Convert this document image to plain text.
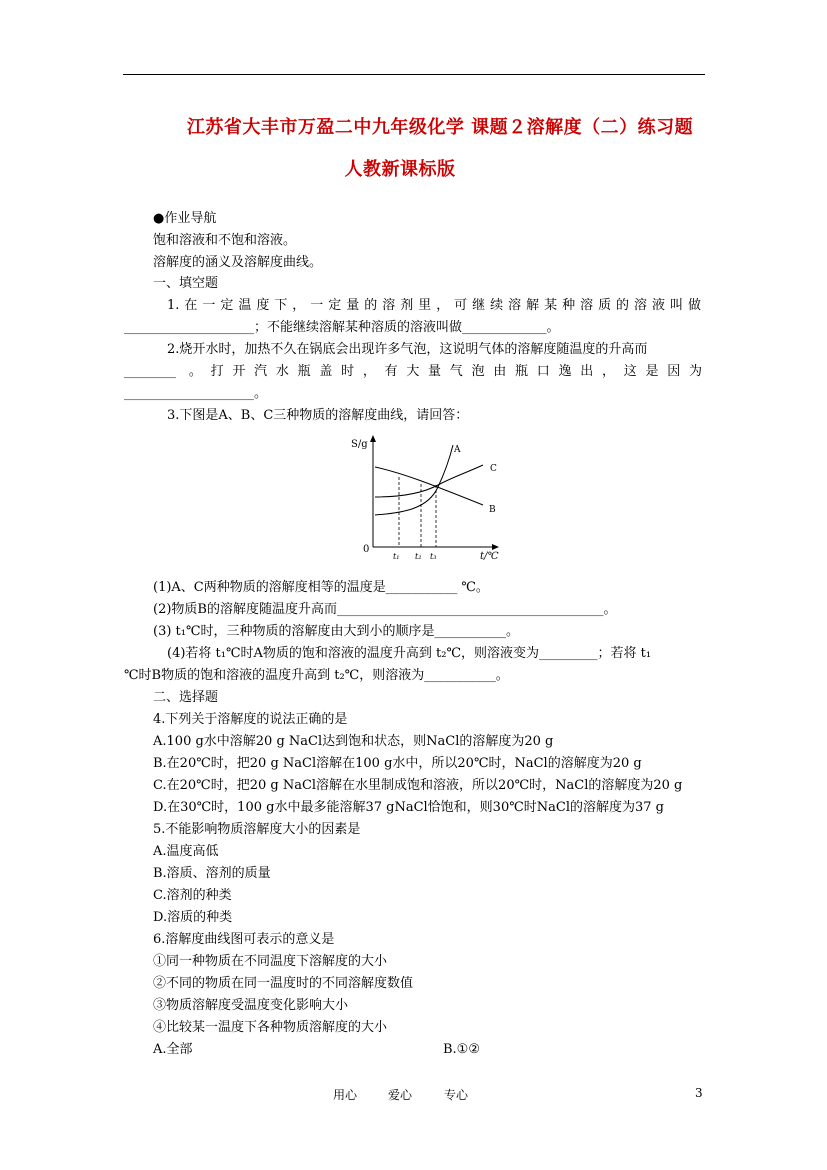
江苏省大丰市万盈二中九年级化学 课题２溶解度（二）练习题
人教新课标版
●作业导航
饱和溶液和不饱和溶液。
溶解度的涵义及溶解度曲线。
一、填空题
1.在一定温度下，一定量的溶剂里，可继续溶解某种溶质的溶液叫做
____________________；不能继续溶解某种溶质的溶液叫做_____________。
2.烧开水时，加热不久在锅底会出现许多气泡，这说明气体的溶解度随温度的升高而
________ 。打开汽水瓶盖时，有大量气泡由瓶口逸出，这是因为
____________________。
3.下图是A、B、C三种物质的溶解度曲线，请回答：
S/g
t/℃
0
t₁ t₂ t₃
A
C
B
(1)A、C两种物质的溶解度相等的温度是___________ ℃。
(2)物质B的溶解度随温度升高而_________________________________________。
(3) t₁℃时，三种物质的溶解度由大到小的顺序是___________。
(4)若将 t₁℃时A物质的饱和溶液的温度升高到 t₂℃，则溶液变为_________；若将 t₁
℃时B物质的饱和溶液的温度升高到 t₂℃，则溶液为___________。
二、选择题
4.下列关于溶解度的说法正确的是
A.100 g水中溶解20 g NaCl达到饱和状态，则NaCl的溶解度为20 g
B.在20℃时，把20 g NaCl溶解在100 g水中，所以20℃时，NaCl的溶解度为20 g
C.在20℃时，把20 g NaCl溶解在水里制成饱和溶液，所以20℃时，NaCl的溶解度为20 g
D.在30℃时，100 g水中最多能溶解37 gNaCl恰饱和，则30℃时NaCl的溶解度为37 g
5.不能影响物质溶解度大小的因素是
A.温度高低
B.溶质、溶剂的质量
C.溶剂的种类
D.溶质的种类
6.溶解度曲线图可表示的意义是
①同一种物质在不同温度下溶解度的大小
②不同的物质在同一温度时的不同溶解度数值
③物质溶解度受温度变化影响大小
④比较某一温度下各种物质溶解度的大小
A.全部	B.①②
用心	爱心	专心	3
